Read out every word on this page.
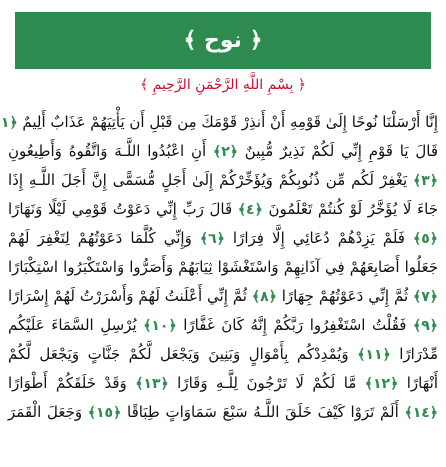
﴿ نوح ﴾
﴿ بِسْمِ اللَّهِ الرَّحْمَنِ الرَّحِيمِ ﴾
إِنَّا أَرْسَلْنَا نُوحًا إِلَىٰ قَوْمِهِ أَنْ أَنذِرْ قَوْمَكَ مِن قَبْلِ أَن يَأْتِيَهُمْ عَذَابٌ أَلِيمٌ ﴿١
قَالَ يَا قَوْمِ إِنِّي لَكُمْ نَذِيرٌ مُّبِينٌ ﴿٢﴾ أَنِ اعْبُدُوا اللَّـهَ وَاتَّقُوهُ وَأَطِيعُونِ
﴿٣﴾ يَغْفِرْ لَكُم مِّن ذُنُوبِكُمْ وَيُؤَخِّرْكُمْ إِلَىٰ أَجَلٍ مُّسَمًّى إِنَّ أَجَلَ اللَّـهِ إِذَا
جَاءَ لَا يُؤَخَّرُ لَوْ كُنتُمْ تَعْلَمُونَ ﴿٤﴾ قَالَ رَبِّ إِنِّي دَعَوْتُ قَوْمِي لَيْلًا وَنَهَارًا
﴿٥﴾ فَلَمْ يَزِدْهُمْ دُعَائِي إِلَّا فِرَارًا ﴿٦﴾ وَإِنِّي كُلَّمَا دَعَوْتُهُمْ لِتَغْفِرَ لَهُمْ
جَعَلُوا أَصَابِعَهُمْ فِي آذَانِهِمْ وَاسْتَغْشَوْا ثِيَابَهُمْ وَأَصَرُّوا وَاسْتَكْبَرُوا اسْتِكْبَارًا
﴿٧﴾ ثُمَّ إِنِّي دَعَوْتُهُمْ جِهَارًا ﴿٨﴾ ثُمَّ إِنِّي أَعْلَنتُ لَهُمْ وَأَسْرَرْتُ لَهُمْ إِسْرَارًا
﴿٩﴾ فَقُلْتُ اسْتَغْفِرُوا رَبَّكُمْ إِنَّهُ كَانَ غَفَّارًا ﴿١٠﴾ يُرْسِلِ السَّمَاءَ عَلَيْكُم
مِّدْرَارًا ﴿١١﴾ وَيُمْدِدْكُم بِأَمْوَالٍ وَبَنِينَ وَيَجْعَل لَّكُمْ جَنَّاتٍ وَيَجْعَل لَّكُمْ
أَنْهَارًا ﴿١٢﴾ مَّا لَكُمْ لَا تَرْجُونَ لِلَّـهِ وَقَارًا ﴿١٣﴾ وَقَدْ خَلَقَكُمْ أَطْوَارًا
﴿١٤﴾ أَلَمْ تَرَوْا كَيْفَ خَلَقَ اللَّـهُ سَبْعَ سَمَاوَاتٍ طِبَاقًا ﴿١٥﴾ وَجَعَلَ الْقَمَرَ
